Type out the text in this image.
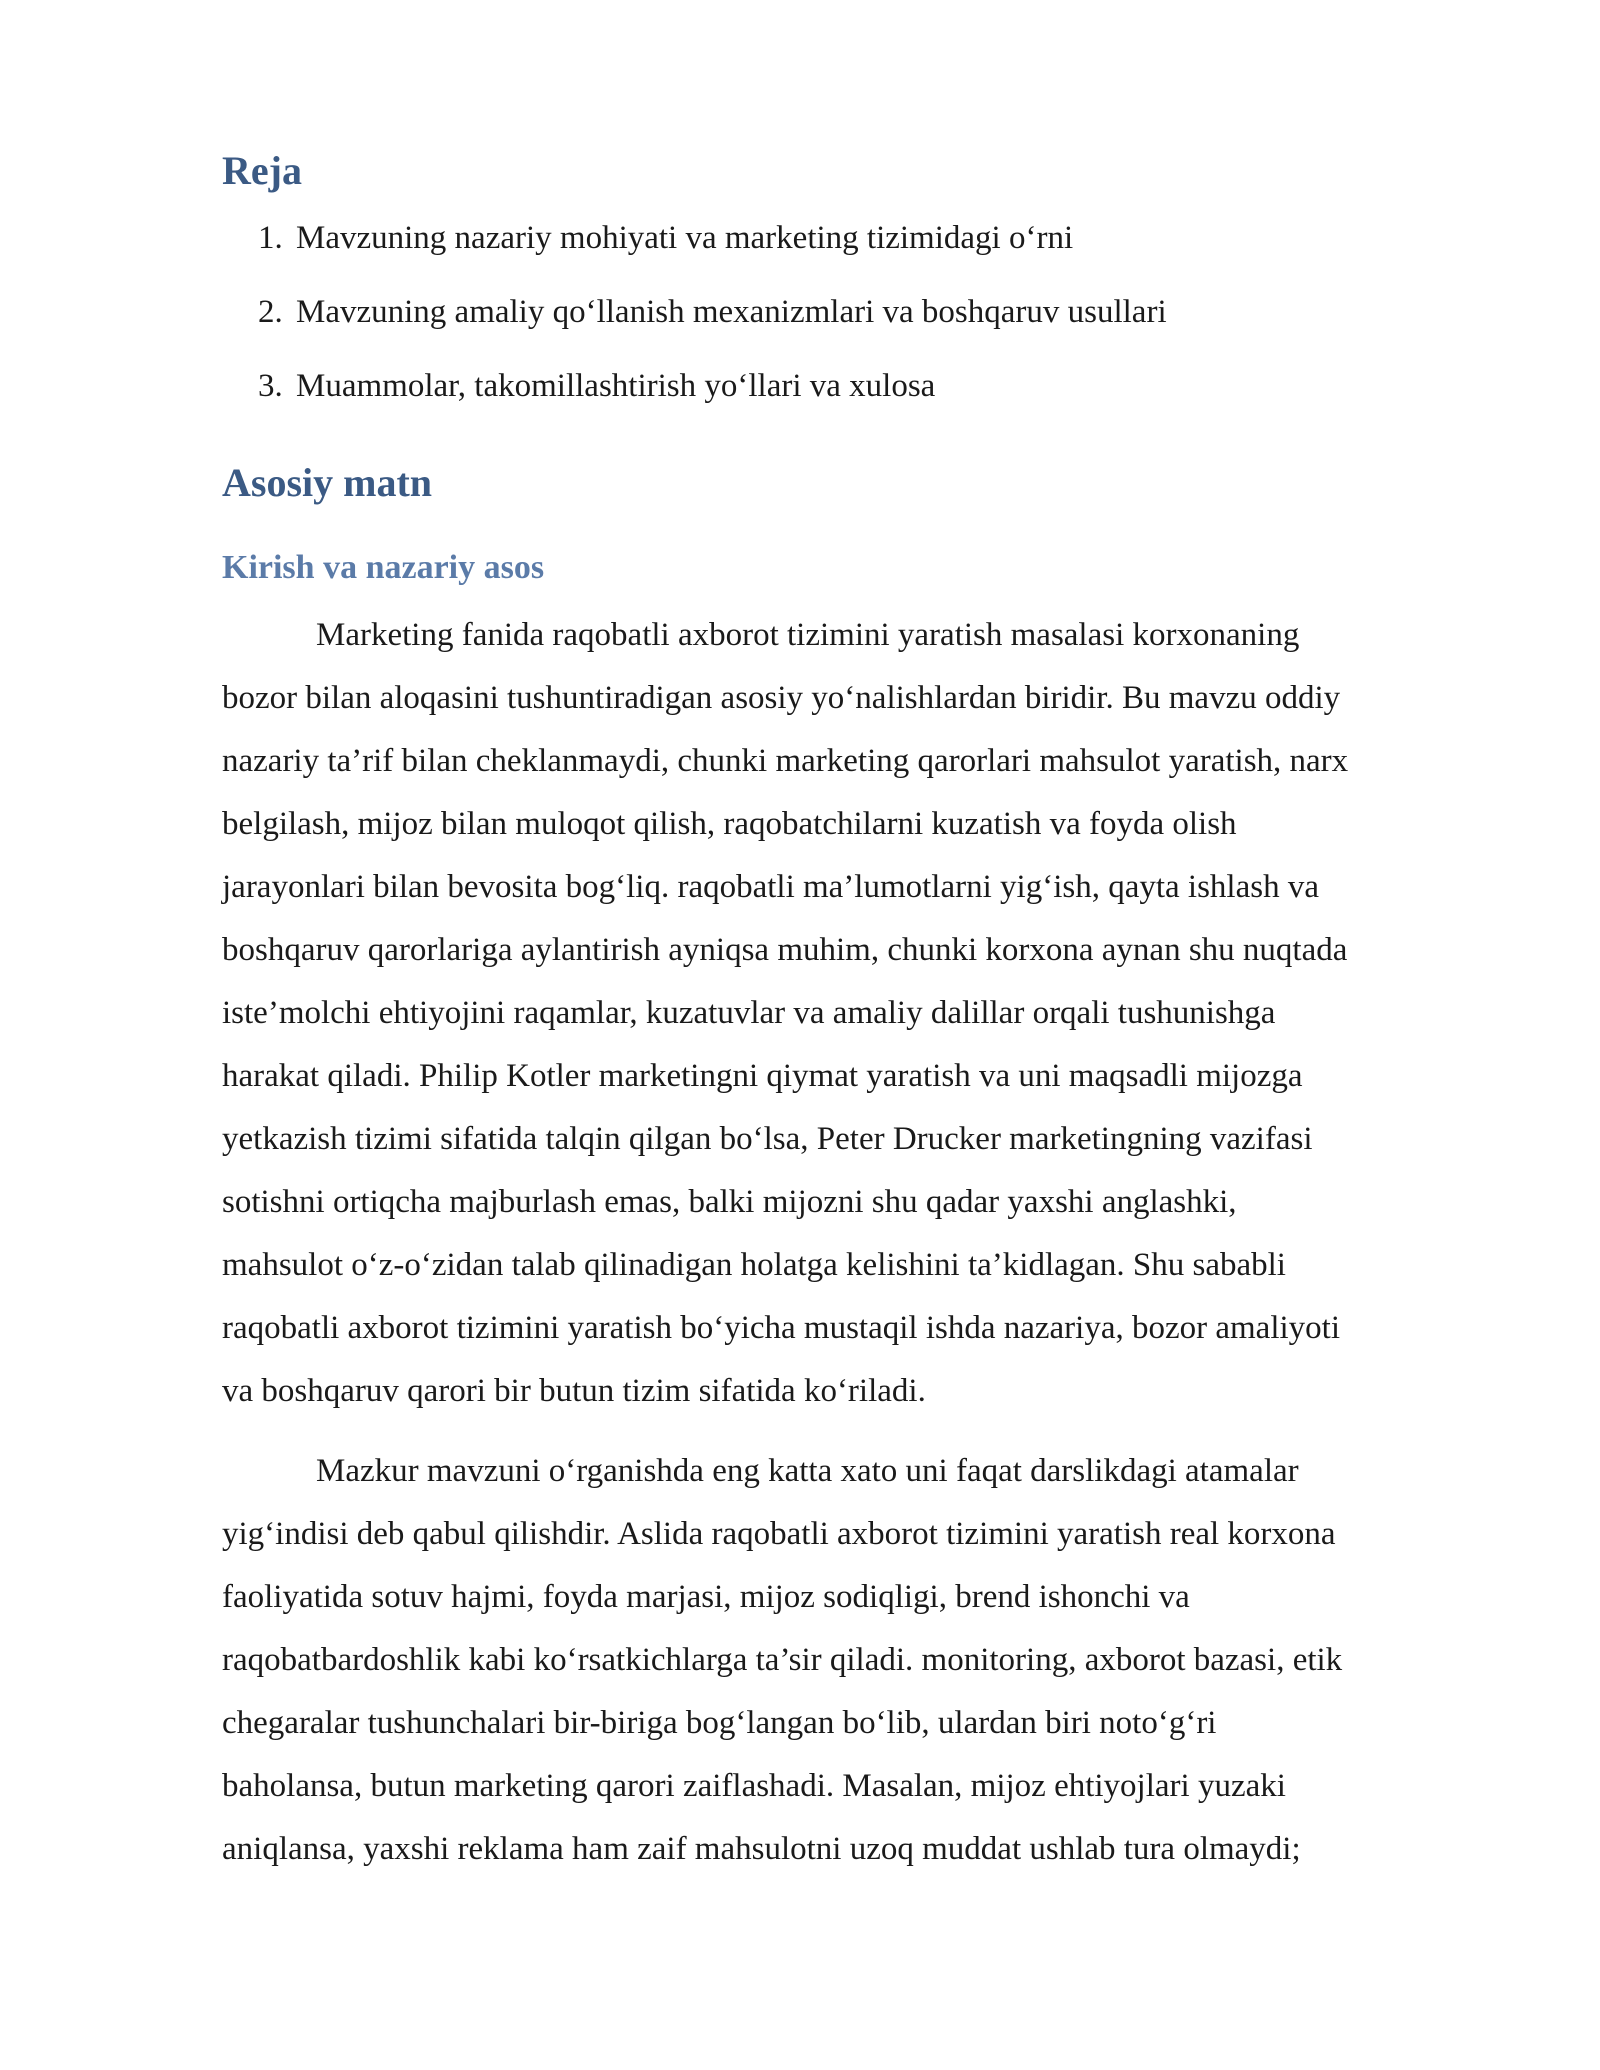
Reja
1. Mavzuning nazariy mohiyati va marketing tizimidagi o‘rni
2. Mavzuning amaliy qo‘llanish mexanizmlari va boshqaruv usullari
3. Muammolar, takomillashtirish yo‘llari va xulosa
Asosiy matn
Kirish va nazariy asos
Marketing fanida raqobatli axborot tizimini yaratish masalasi korxonaning
bozor bilan aloqasini tushuntiradigan asosiy yo‘nalishlardan biridir. Bu mavzu oddiy
nazariy ta’rif bilan cheklanmaydi, chunki marketing qarorlari mahsulot yaratish, narx
belgilash, mijoz bilan muloqot qilish, raqobatchilarni kuzatish va foyda olish
jarayonlari bilan bevosita bog‘liq. raqobatli ma’lumotlarni yig‘ish, qayta ishlash va
boshqaruv qarorlariga aylantirish ayniqsa muhim, chunki korxona aynan shu nuqtada
iste’molchi ehtiyojini raqamlar, kuzatuvlar va amaliy dalillar orqali tushunishga
harakat qiladi. Philip Kotler marketingni qiymat yaratish va uni maqsadli mijozga
yetkazish tizimi sifatida talqin qilgan bo‘lsa, Peter Drucker marketingning vazifasi
sotishni ortiqcha majburlash emas, balki mijozni shu qadar yaxshi anglashki,
mahsulot o‘z-o‘zidan talab qilinadigan holatga kelishini ta’kidlagan. Shu sababli
raqobatli axborot tizimini yaratish bo‘yicha mustaqil ishda nazariya, bozor amaliyoti
va boshqaruv qarori bir butun tizim sifatida ko‘riladi.
Mazkur mavzuni o‘rganishda eng katta xato uni faqat darslikdagi atamalar
yig‘indisi deb qabul qilishdir. Aslida raqobatli axborot tizimini yaratish real korxona
faoliyatida sotuv hajmi, foyda marjasi, mijoz sodiqligi, brend ishonchi va
raqobatbardoshlik kabi ko‘rsatkichlarga ta’sir qiladi. monitoring, axborot bazasi, etik
chegaralar tushunchalari bir-biriga bog‘langan bo‘lib, ulardan biri noto‘g‘ri
baholansa, butun marketing qarori zaiflashadi. Masalan, mijoz ehtiyojlari yuzaki
aniqlansa, yaxshi reklama ham zaif mahsulotni uzoq muddat ushlab tura olmaydi;
